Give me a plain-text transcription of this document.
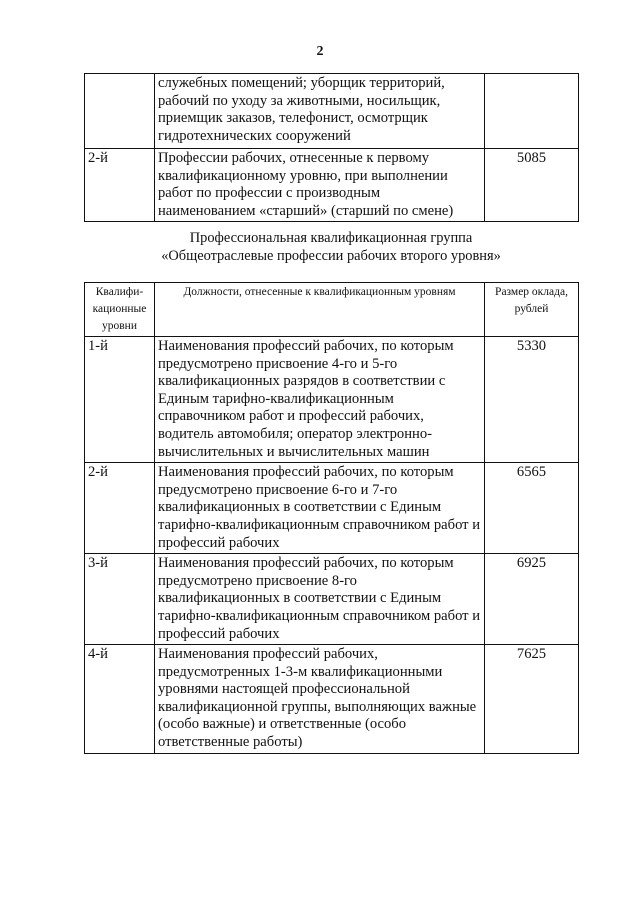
2
	служебных помещений; уборщик территорий, рабочий по уходу за животными, носильщик, приемщик заказов, телефонист, осмотрщик гидротехнических сооружений	
2-й	Профессии рабочих, отнесенные к первому квалификационному уровню, при выполнении работ по профессии с производным наименованием «старший» (старший по смене)	5085
Профессиональная квалификационная группа
«Общеотраслевые профессии рабочих второго уровня»
Квалифи-кационные уровни	Должности, отнесенные к квалификационным уровням	Размер оклада, рублей
1-й	Наименования профессий рабочих, по которым предусмотрено присвоение 4-го и 5-го квалификационных разрядов в соответствии с Единым тарифно-квалификационным справочником работ и профессий рабочих, водитель автомобиля; оператор электронно-вычислительных и вычислительных машин	5330
2-й	Наименования профессий рабочих, по которым предусмотрено присвоение 6-го и 7-го квалификационных в соответствии с Единым тарифно-квалификационным справочником работ и профессий рабочих	6565
3-й	Наименования профессий рабочих, по которым предусмотрено присвоение 8-го квалификационных в соответствии с Единым тарифно-квалификационным справочником работ и профессий рабочих	6925
4-й	Наименования профессий рабочих, предусмотренных 1-3-м квалификационными уровнями настоящей профессиональной квалификационной группы, выполняющих важные (особо важные) и ответственные (особо ответственные работы)	7625
